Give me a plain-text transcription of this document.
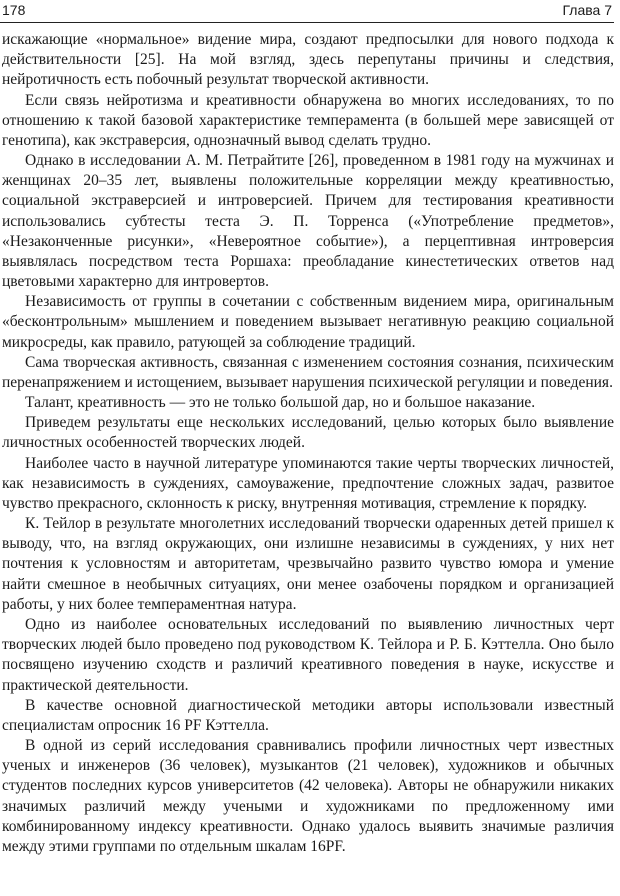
178	Глава 7

искажающие «нормальное» видение мира, создают предпосылки для нового подхода к действительности [25]. На мой взгляд, здесь перепутаны причины и следствия, нейротичность есть побочный результат творческой активности.

Если связь нейротизма и креативности обнаружена во многих исследованиях, то по отношению к такой базовой характеристике темперамента (в большей мере зависящей от генотипа), как экстраверсия, однозначный вывод сделать трудно.

Однако в исследовании А. М. Петрайтите [26], проведенном в 1981 году на мужчинах и женщинах 20–35 лет, выявлены положительные корреляции между креативностью, социальной экстраверсией и интроверсией. Причем для тестирования креативности использовались субтесты теста Э. П. Торренса («Употребление предметов», «Незаконченные рисунки», «Невероятное событие»), а перцептивная интроверсия выявлялась посредством теста Роршаха: преобладание кинестетических ответов над цветовыми характерно для интровертов.

Независимость от группы в сочетании с собственным видением мира, оригинальным «бесконтрольным» мышлением и поведением вызывает негативную реакцию социальной микросреды, как правило, ратующей за соблюдение традиций.

Сама творческая активность, связанная с изменением состояния сознания, психическим перенапряжением и истощением, вызывает нарушения психической регуляции и поведения.

Талант, креативность — это не только большой дар, но и большое наказание.

Приведем результаты еще нескольких исследований, целью которых было выявление личностных особенностей творческих людей.

Наиболее часто в научной литературе упоминаются такие черты творческих личностей, как независимость в суждениях, самоуважение, предпочтение сложных задач, развитое чувство прекрасного, склонность к риску, внутренняя мотивация, стремление к порядку.

К. Тейлор в результате многолетних исследований творчески одаренных детей пришел к выводу, что, на взгляд окружающих, они излишне независимы в суждениях, у них нет почтения к условностям и авторитетам, чрезвычайно развито чувство юмора и умение найти смешное в необычных ситуациях, они менее озабочены порядком и организацией работы, у них более темпераментная натура.

Одно из наиболее основательных исследований по выявлению личностных черт творческих людей было проведено под руководством К. Тейлора и Р. Б. Кэттелла. Оно было посвящено изучению сходств и различий креативного поведения в науке, искусстве и практической деятельности.

В качестве основной диагностической методики авторы использовали известный специалистам опросник 16 PF Кэттелла.

В одной из серий исследования сравнивались профили личностных черт известных ученых и инженеров (36 человек), музыкантов (21 человек), художников и обычных студентов последних курсов университетов (42 человека). Авторы не обнаружили никаких значимых различий между учеными и художниками по предложенному ими комбинированному индексу креативности. Однако удалось выявить значимые различия между этими группами по отдельным шкалам 16PF.
